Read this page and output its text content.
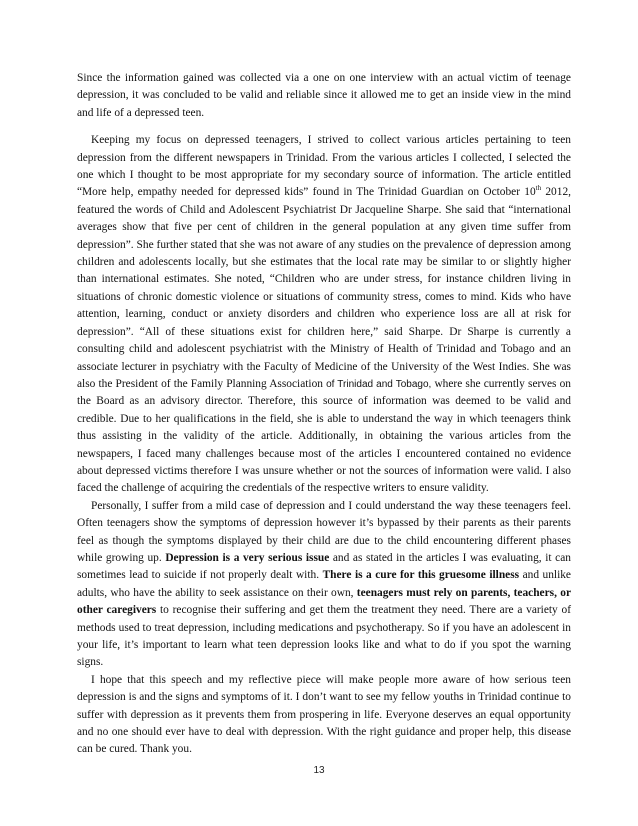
Since the information gained was collected via a one on one interview with an actual victim of teenage depression, it was concluded to be valid and reliable since it allowed me to get an inside view in the mind and life of a depressed teen.

Keeping my focus on depressed teenagers, I strived to collect various articles pertaining to teen depression from the different newspapers in Trinidad. From the various articles I collected, I selected the one which I thought to be most appropriate for my secondary source of information. The article entitled “More help, empathy needed for depressed kids” found in The Trinidad Guardian on October 10th 2012, featured the words of Child and Adolescent Psychiatrist Dr Jacqueline Sharpe. She said that “international averages show that five per cent of children in the general population at any given time suffer from depression”. She further stated that she was not aware of any studies on the prevalence of depression among children and adolescents locally, but she estimates that the local rate may be similar to or slightly higher than international estimates. She noted, “Children who are under stress, for instance children living in situations of chronic domestic violence or situations of community stress, comes to mind. Kids who have attention, learning, conduct or anxiety disorders and children who experience loss are all at risk for depression”. “All of these situations exist for children here,” said Sharpe. Dr Sharpe is currently a consulting child and adolescent psychiatrist with the Ministry of Health of Trinidad and Tobago and an associate lecturer in psychiatry with the Faculty of Medicine of the University of the West Indies. She was also the President of the Family Planning Association of Trinidad and Tobago, where she currently serves on the Board as an advisory director. Therefore, this source of information was deemed to be valid and credible. Due to her qualifications in the field, she is able to understand the way in which teenagers think thus assisting in the validity of the article. Additionally, in obtaining the various articles from the newspapers, I faced many challenges because most of the articles I encountered contained no evidence about depressed victims therefore I was unsure whether or not the sources of information were valid. I also faced the challenge of acquiring the credentials of the respective writers to ensure validity.

Personally, I suffer from a mild case of depression and I could understand the way these teenagers feel. Often teenagers show the symptoms of depression however it’s bypassed by their parents as their parents feel as though the symptoms displayed by their child are due to the child encountering different phases while growing up. Depression is a very serious issue and as stated in the articles I was evaluating, it can sometimes lead to suicide if not properly dealt with. There is a cure for this gruesome illness and unlike adults, who have the ability to seek assistance on their own, teenagers must rely on parents, teachers, or other caregivers to recognise their suffering and get them the treatment they need. There are a variety of methods used to treat depression, including medications and psychotherapy. So if you have an adolescent in your life, it’s important to learn what teen depression looks like and what to do if you spot the warning signs.

I hope that this speech and my reflective piece will make people more aware of how serious teen depression is and the signs and symptoms of it. I don’t want to see my fellow youths in Trinidad continue to suffer with depression as it prevents them from prospering in life. Everyone deserves an equal opportunity and no one should ever have to deal with depression. With the right guidance and proper help, this disease can be cured. Thank you.

13
